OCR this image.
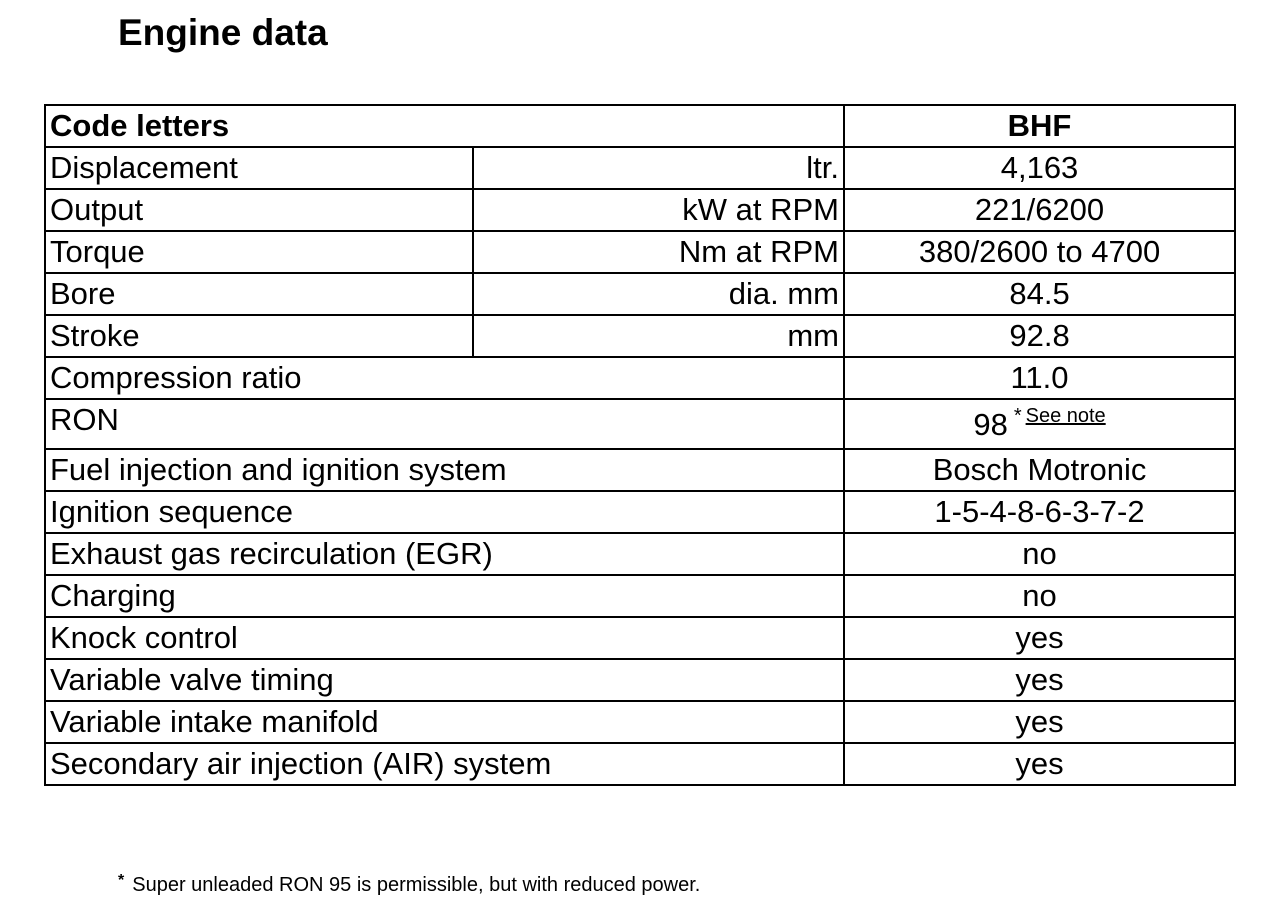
Engine data
Code letters		BHF
Displacement	ltr.	4,163
Output	kW at RPM	221/6200
Torque	Nm at RPM	380/2600 to 4700
Bore	dia. mm	84.5
Stroke	mm	92.8
Compression ratio		11.0
RON		98 $^{* See note}$
Fuel injection and ignition system		Bosch Motronic
Ignition sequence		1-5-4-8-6-3-7-2
Exhaust gas recirculation (EGR)		no
Charging		no
Knock control		yes
Variable valve timing		yes
Variable intake manifold		yes
Secondary air injection (AIR) system		yes
* Super unleaded RON 95 is permissible, but with reduced power.
